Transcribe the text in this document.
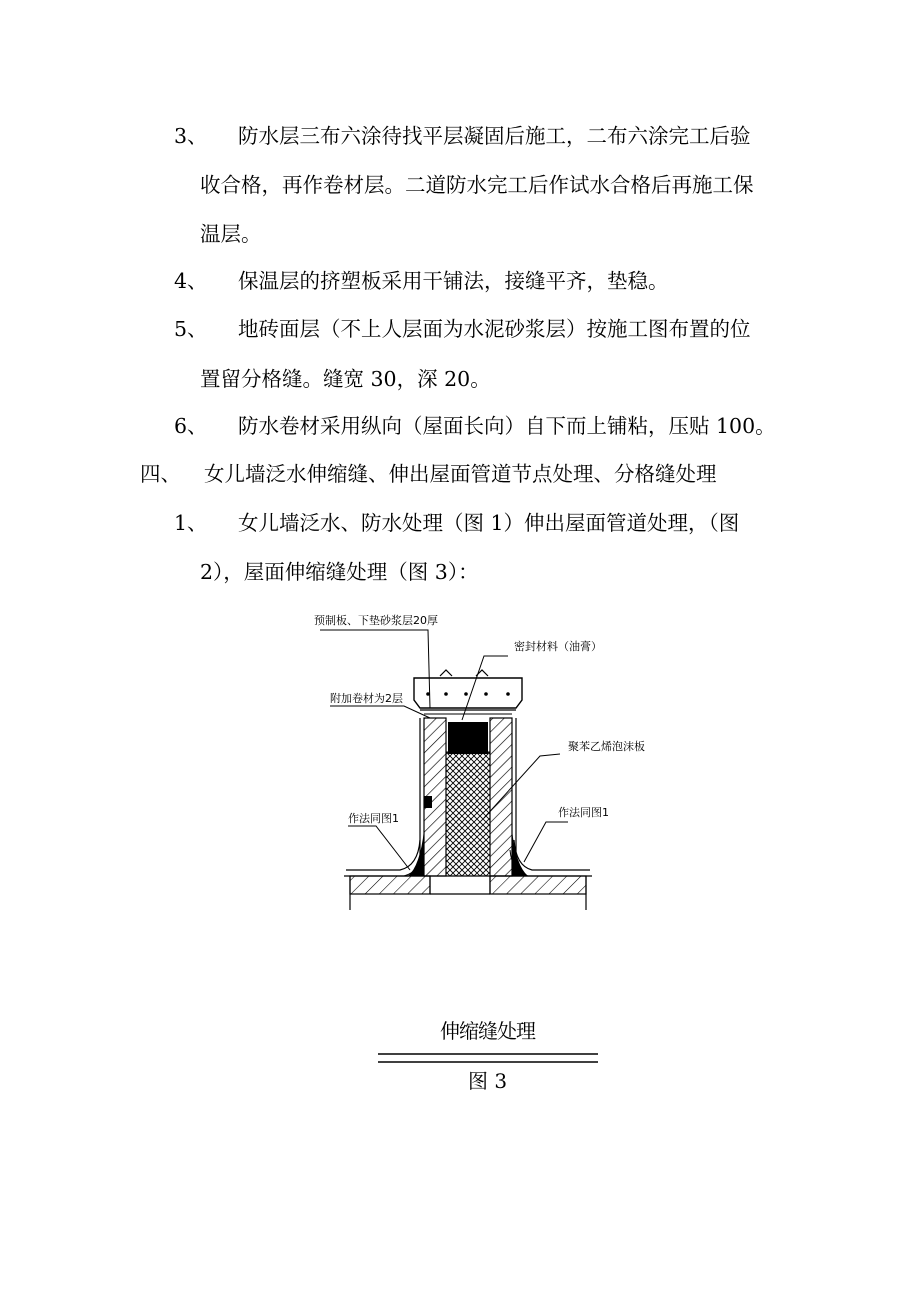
3、 防水层三布六涂待找平层凝固后施工，二布六涂完工后验
收合格，再作卷材层。二道防水完工后作试水合格后再施工保
温层。
4、 保温层的挤塑板采用干铺法，接缝平齐，垫稳。
5、 地砖面层（不上人层面为水泥砂浆层）按施工图布置的位
置留分格缝。缝宽 30，深 20。
6、 防水卷材采用纵向（屋面长向）自下而上铺粘，压贴 100。
四、 女儿墙泛水伸缩缝、伸出屋面管道节点处理、分格缝处理
1、 女儿墙泛水、防水处理（图 1）伸出屋面管道处理，（图
2），屋面伸缩缝处理（图 3）：
预制板、下垫砂浆层20厚
密封材料（油膏）
附加卷材为2层
聚苯乙烯泡沫板
作法同图1	作法同图1
伸缩缝处理
图 3
